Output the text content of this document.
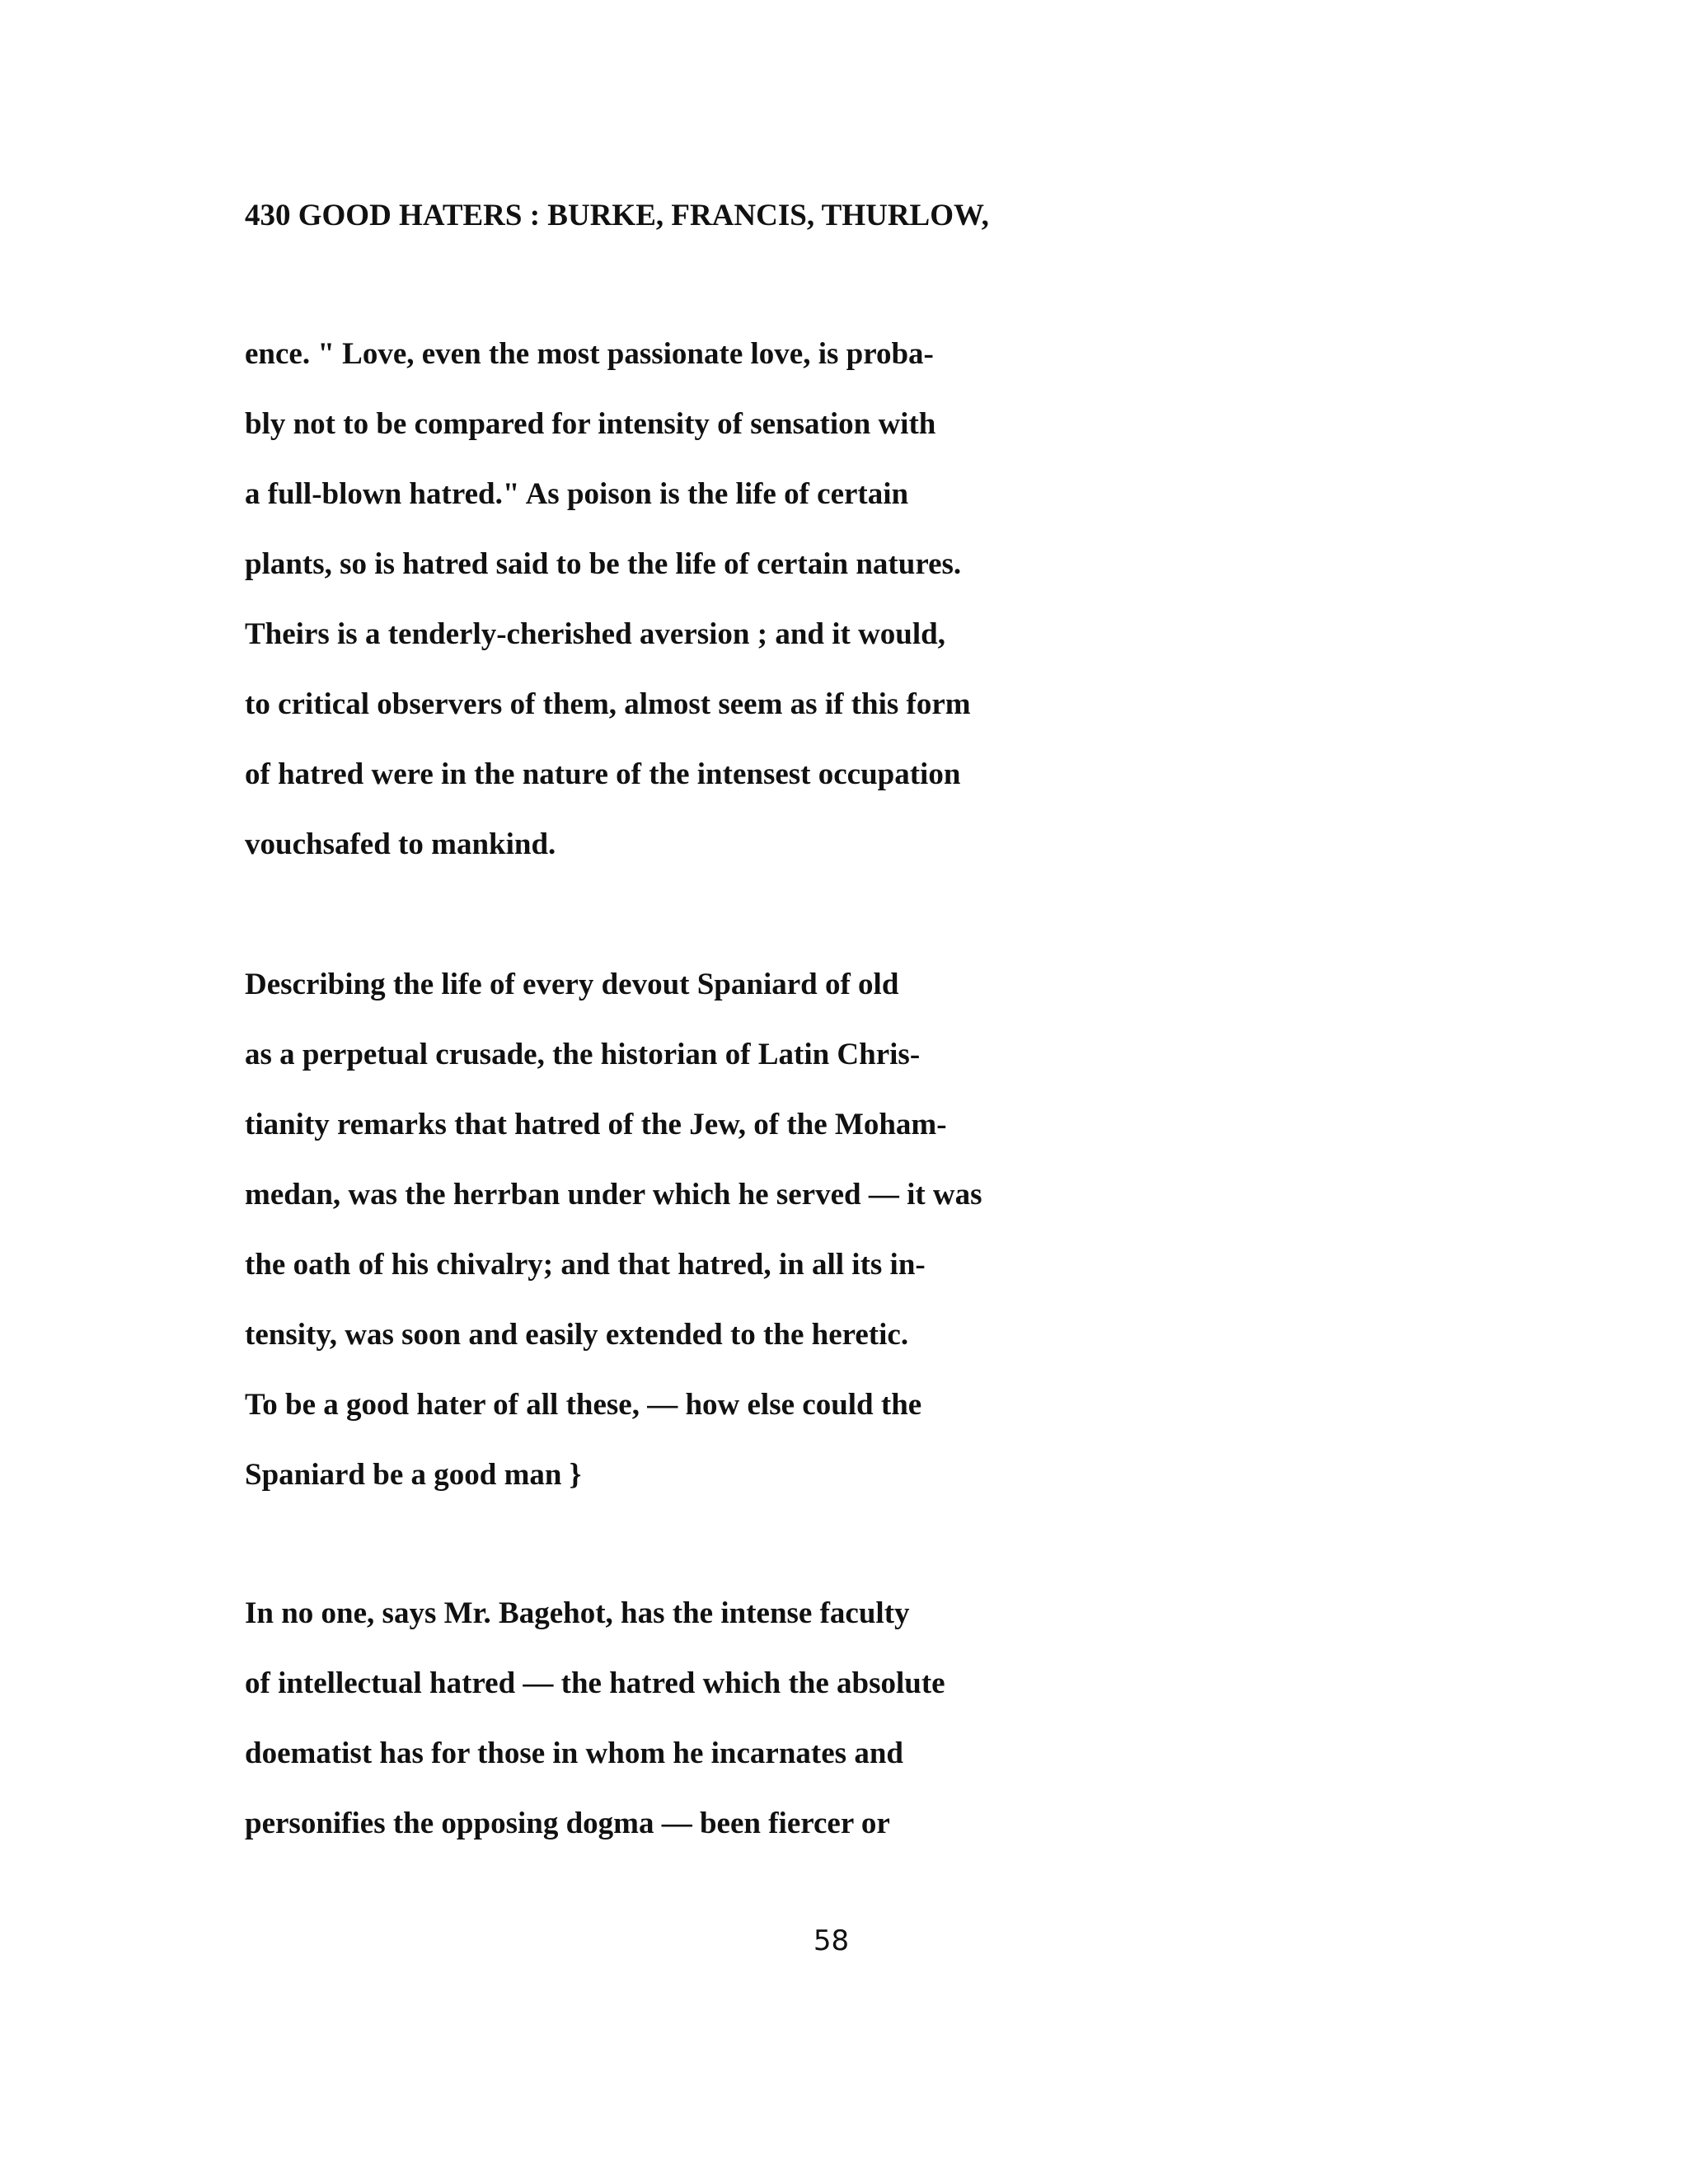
430 GOOD HATERS : BURKE, FRANCIS, THURLOW,

ence. " Love, even the most passionate love, is proba-

bly not to be compared for intensity of sensation with

a full-blown hatred." As poison is the life of certain

plants, so is hatred said to be the life of certain natures.

Theirs is a tenderly-cherished aversion ; and it would,

to critical observers of them, almost seem as if this form

of hatred were in the nature of the intensest occupation

vouchsafed to mankind.

Describing the life of every devout Spaniard of old

as a perpetual crusade, the historian of Latin Chris-

tianity remarks that hatred of the Jew, of the Moham-

medan, was the herrban under which he served — it was

the oath of his chivalry; and that hatred, in all its in-

tensity, was soon and easily extended to the heretic.

To be a good hater of all these, — how else could the

Spaniard be a good man }

In no one, says Mr. Bagehot, has the intense faculty

of intellectual hatred — the hatred which the absolute

doematist has for those in whom he incarnates and

personifies the opposing dogma — been fiercer or

58
